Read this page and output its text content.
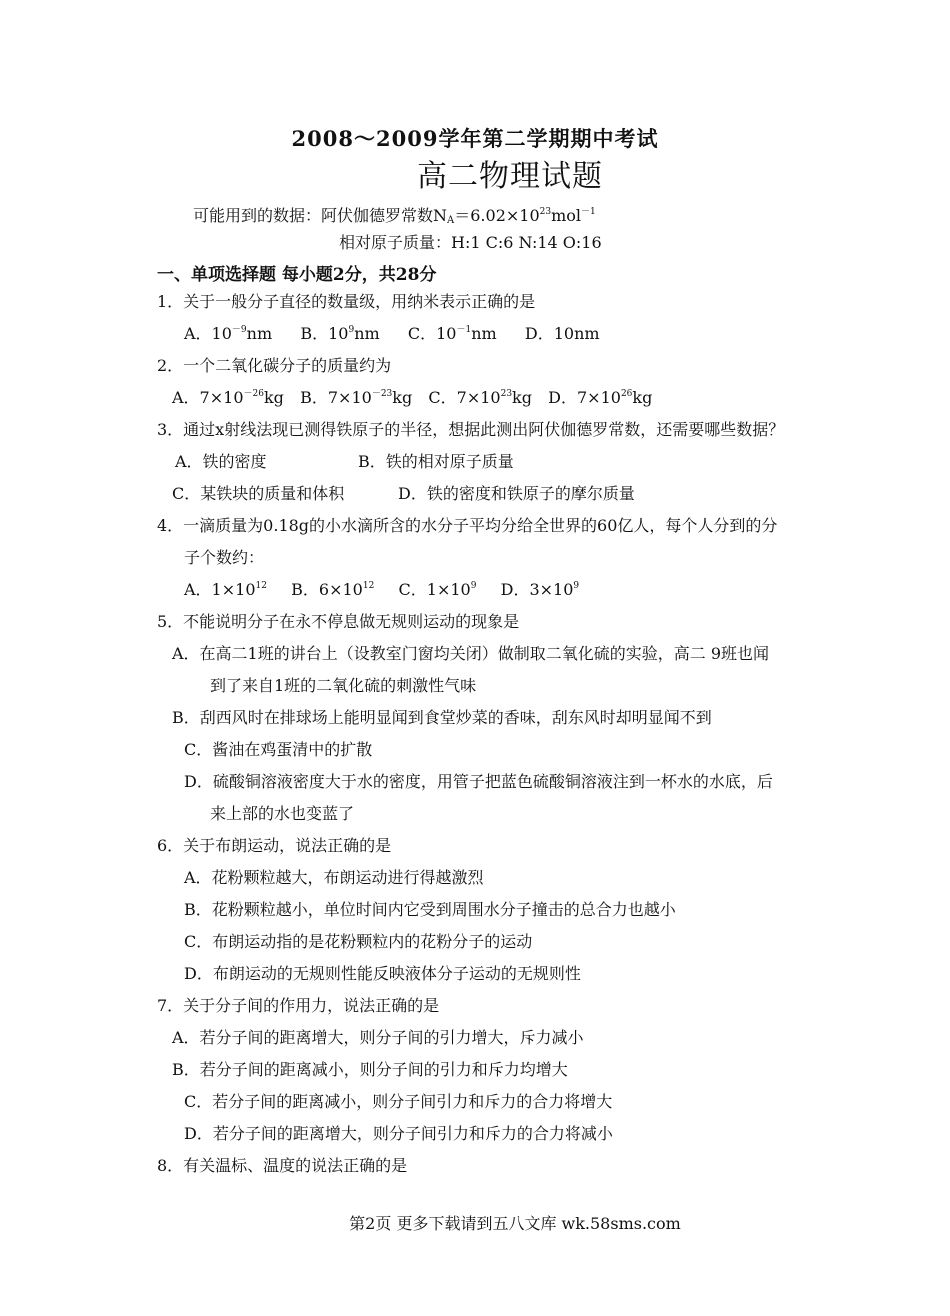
2008～2009学年第二学期期中考试
高二物理试题
可能用到的数据：阿伏伽德罗常数$N_A=6.02\times 10^{23}mol^{-1}$
相对原子质量：H:1 C:6 N:14 O:16
一、单项选择题 每小题2分，共28分
1．关于一般分子直径的数量级，用纳米表示正确的是
A．$10^{-9}nm$ B．$10^9nm$ C．$10^{-1}nm$ D．10nm
2．一个二氧化碳分子的质量约为
A．$7\times 10^{-26}kg$ B．$7\times 10^{-23}kg$ C．$7\times 10^{23}kg$ D．$7\times 10^{26}kg$
3．通过x射线法现已测得铁原子的半径，想据此测出阿伏伽德罗常数，还需要哪些数据？
A．铁的密度	B．铁的相对原子质量
C．某铁块的质量和体积	D．铁的密度和铁原子的摩尔质量
4．一滴质量为0.18g的小水滴所含的水分子平均分给全世界的60亿人，每个人分到的分
子个数约：
A．$1\times 10^{12}$ B．$6\times 10^{12}$ C．$1\times 10^9$ D．$3\times 10^9$
5．不能说明分子在永不停息做无规则运动的现象是
A．在高二1班的讲台上（设教室门窗均关闭）做制取二氧化硫的实验，高二 9班也闻
到了来自1班的二氧化硫的刺激性气味
B．刮西风时在排球场上能明显闻到食堂炒菜的香味，刮东风时却明显闻不到
C．酱油在鸡蛋清中的扩散
D．硫酸铜溶液密度大于水的密度，用管子把蓝色硫酸铜溶液注到一杯水的水底，后
来上部的水也变蓝了
6．关于布朗运动，说法正确的是
A．花粉颗粒越大，布朗运动进行得越激烈
B．花粉颗粒越小，单位时间内它受到周围水分子撞击的总合力也越小
C．布朗运动指的是花粉颗粒内的花粉分子的运动
D．布朗运动的无规则性能反映液体分子运动的无规则性
7．关于分子间的作用力，说法正确的是
A．若分子间的距离增大，则分子间的引力增大，斥力减小
B．若分子间的距离减小，则分子间的引力和斥力均增大
C．若分子间的距离减小，则分子间引力和斥力的合力将增大
D．若分子间的距离增大，则分子间引力和斥力的合力将减小
8．有关温标、温度的说法正确的是
第2页 更多下载请到五八文库 wk.58sms.com
